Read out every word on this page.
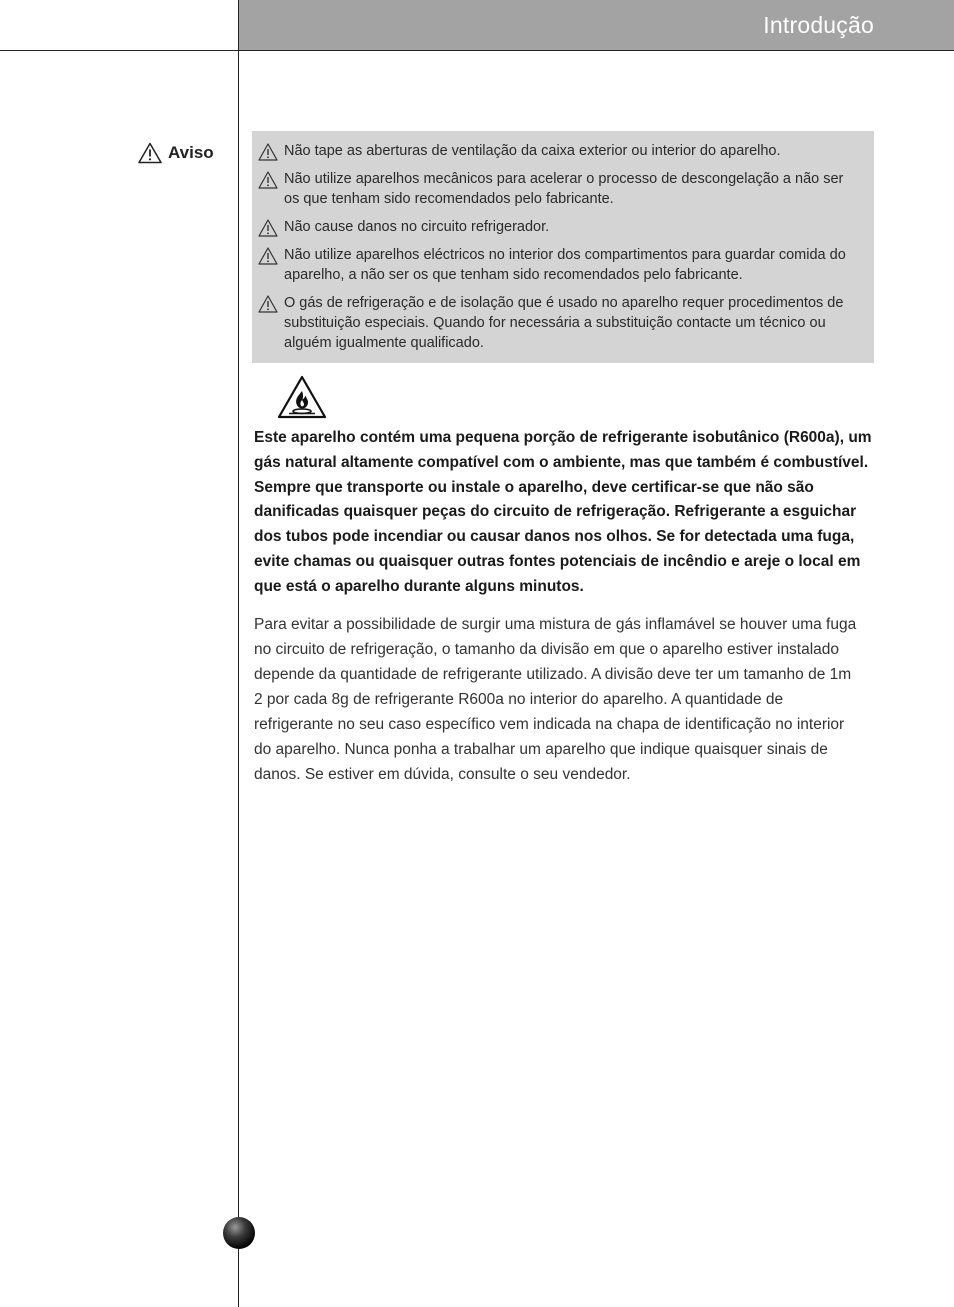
Introdução
Aviso	Não tape as aberturas de ventilação da caixa exterior ou interior do aparelho.
Não utilize aparelhos mecânicos para acelerar o processo de descongelação a não ser os que tenham sido recomendados pelo fabricante.
Não cause danos no circuito refrigerador.
Não utilize aparelhos eléctricos no interior dos compartimentos para guardar comida do aparelho, a não ser os que tenham sido recomendados pelo fabricante.
O gás de refrigeração e de isolação que é usado no aparelho requer procedimentos de substituição especiais. Quando for necessária a substituição contacte um técnico ou alguém igualmente qualificado.

Este aparelho contém uma pequena porção de refrigerante isobutânico (R600a), um gás natural altamente compatível com o ambiente, mas que também é combustível. Sempre que transporte ou instale o aparelho, deve certificar-se que não são danificadas quaisquer peças do circuito de refrigeração. Refrigerante a esguichar dos tubos pode incendiar ou causar danos nos olhos. Se for detectada uma fuga, evite chamas ou quaisquer outras fontes potenciais de incêndio e areje o local em que está o aparelho durante alguns minutos.

Para evitar a possibilidade de surgir uma mistura de gás inflamável se houver uma fuga no circuito de refrigeração, o tamanho da divisão em que o aparelho estiver instalado depende da quantidade de refrigerante utilizado. A divisão deve ter um tamanho de 1m 2 por cada 8g de refrigerante R600a no interior do aparelho. A quantidade de refrigerante no seu caso específico vem indicada na chapa de identificação no interior do aparelho. Nunca ponha a trabalhar um aparelho que indique quaisquer sinais de danos. Se estiver em dúvida, consulte o seu vendedor.
